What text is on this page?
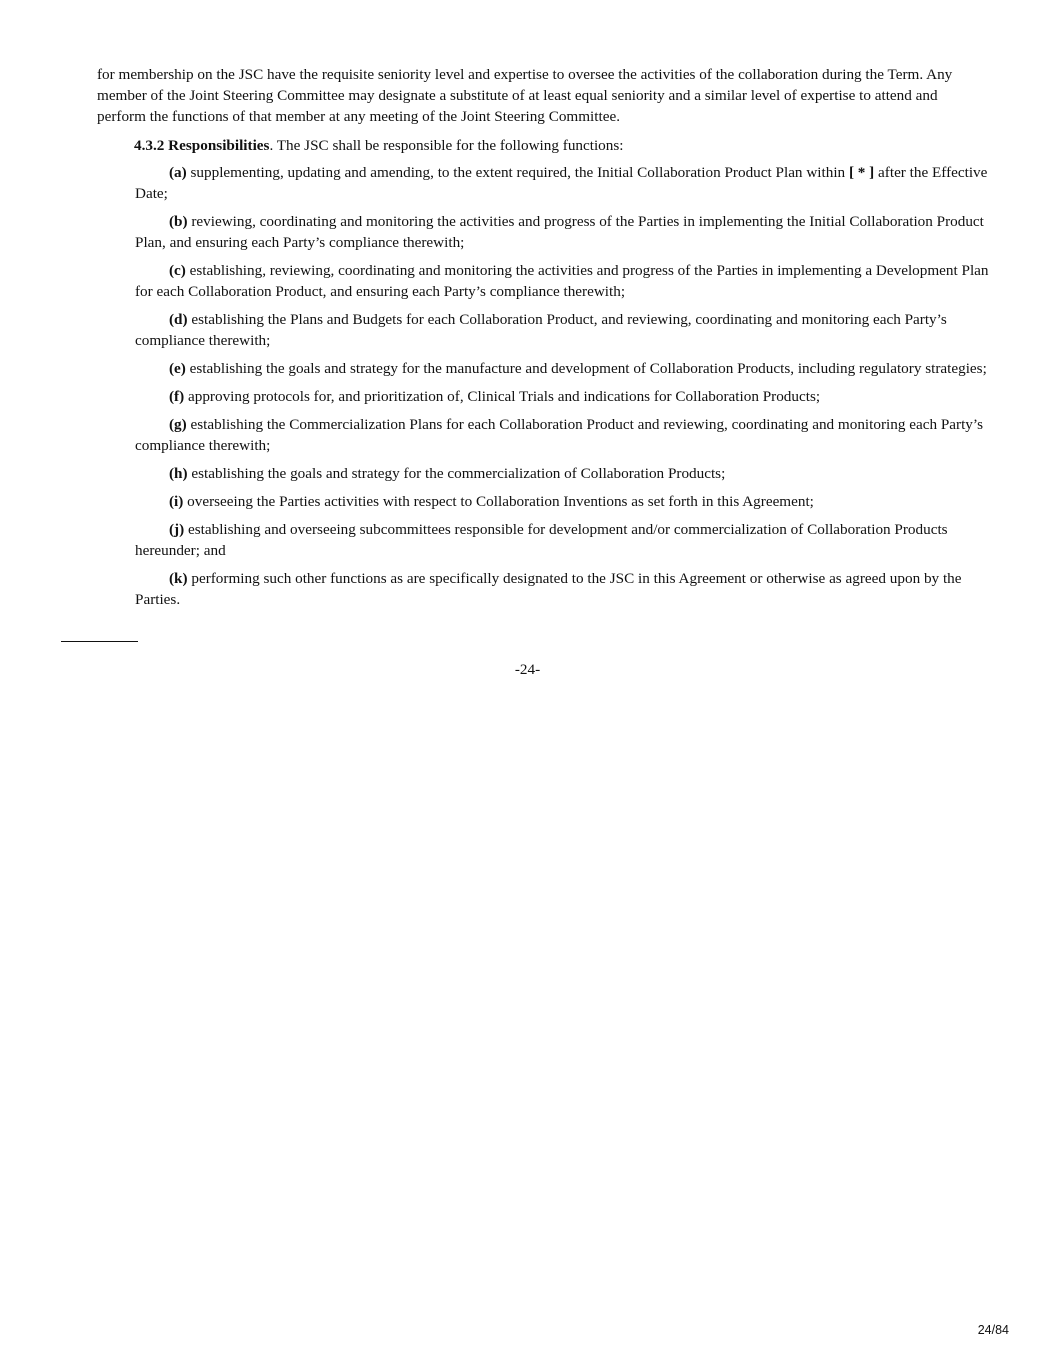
for membership on the JSC have the requisite seniority level and expertise to oversee the activities of the collaboration during the Term. Any member of the Joint Steering Committee may designate a substitute of at least equal seniority and a similar level of expertise to attend and perform the functions of that member at any meeting of the Joint Steering Committee.

4.3.2 Responsibilities. The JSC shall be responsible for the following functions:

(a) supplementing, updating and amending, to the extent required, the Initial Collaboration Product Plan within [ * ] after the Effective Date;

(b) reviewing, coordinating and monitoring the activities and progress of the Parties in implementing the Initial Collaboration Product Plan, and ensuring each Party’s compliance therewith;

(c) establishing, reviewing, coordinating and monitoring the activities and progress of the Parties in implementing a Development Plan for each Collaboration Product, and ensuring each Party’s compliance therewith;

(d) establishing the Plans and Budgets for each Collaboration Product, and reviewing, coordinating and monitoring each Party’s compliance therewith;

(e) establishing the goals and strategy for the manufacture and development of Collaboration Products, including regulatory strategies;

(f) approving protocols for, and prioritization of, Clinical Trials and indications for Collaboration Products;

(g) establishing the Commercialization Plans for each Collaboration Product and reviewing, coordinating and monitoring each Party’s compliance therewith;

(h) establishing the goals and strategy for the commercialization of Collaboration Products;

(i) overseeing the Parties activities with respect to Collaboration Inventions as set forth in this Agreement;

(j) establishing and overseeing subcommittees responsible for development and/or commercialization of Collaboration Products hereunder; and

(k) performing such other functions as are specifically designated to the JSC in this Agreement or otherwise as agreed upon by the Parties.

-24-
24/84
